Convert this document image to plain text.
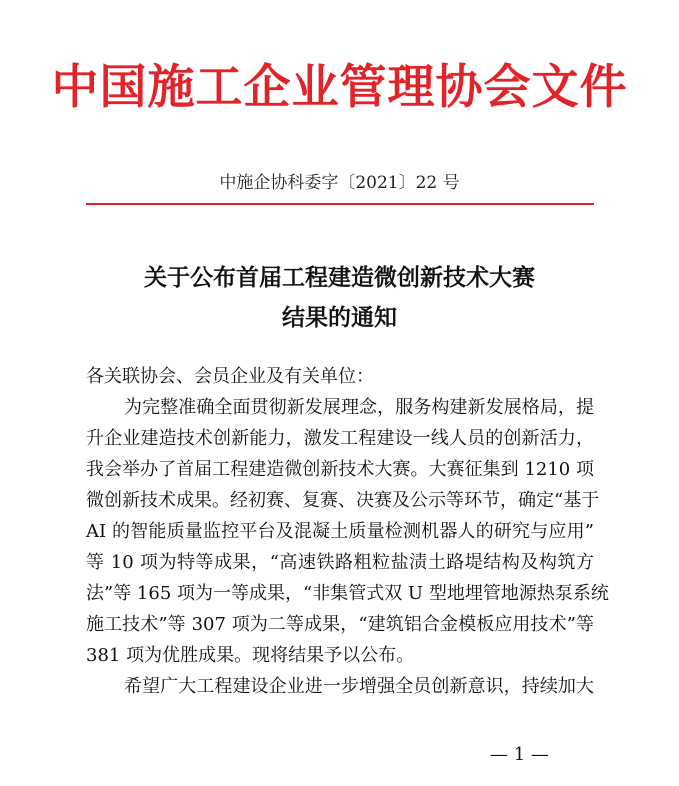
中国施工企业管理协会文件
中施企协科委字〔2021〕22 号
关于公布首届工程建造微创新技术大赛
结果的通知
各关联协会、会员企业及有关单位：
为完整准确全面贯彻新发展理念，服务构建新发展格局，提
升企业建造技术创新能力，激发工程建设一线人员的创新活力，
我会举办了首届工程建造微创新技术大赛。大赛征集到 1210 项
微创新技术成果。经初赛、复赛、决赛及公示等环节，确定“基于
AI 的智能质量监控平台及混凝土质量检测机器人的研究与应用”
等 10 项为特等成果，“高速铁路粗粒盐渍土路堤结构及构筑方
法”等 165 项为一等成果，“非集管式双 U 型地埋管地源热泵系统
施工技术”等 307 项为二等成果，“建筑铝合金模板应用技术”等
381 项为优胜成果。现将结果予以公布。
希望广大工程建设企业进一步增强全员创新意识，持续加大
— 1 —
